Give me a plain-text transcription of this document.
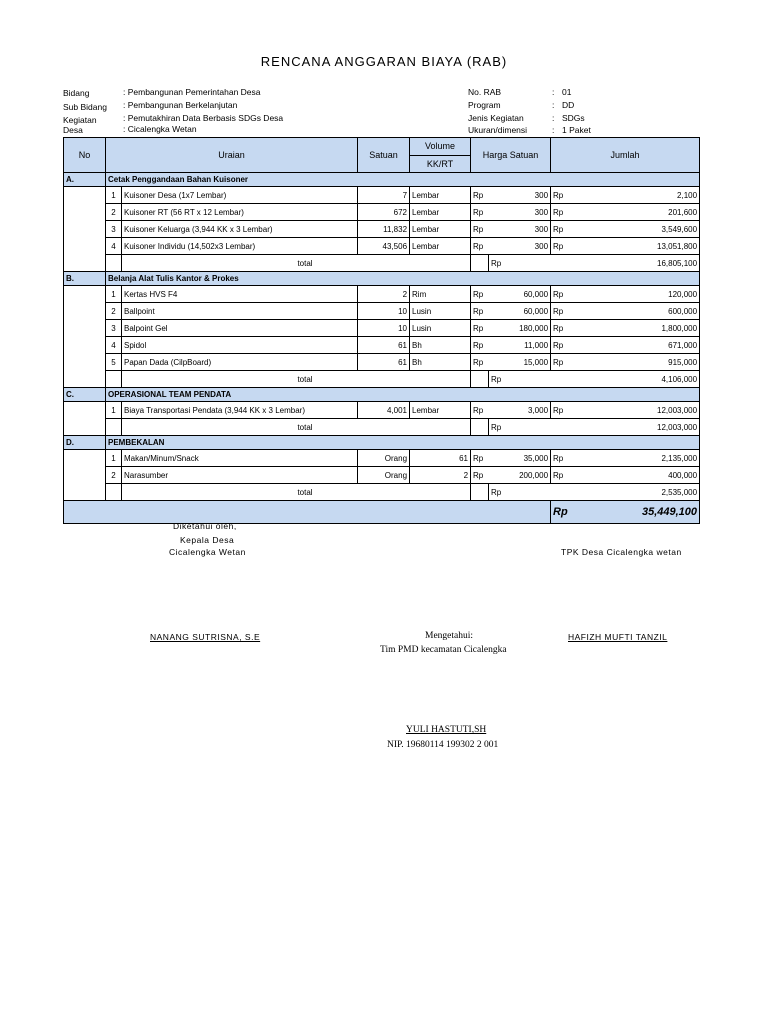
RENCANA ANGGARAN BIAYA (RAB)
Bidang	: Pembangunan Pemerintahan Desa
Sub Bidang : Pembangunan Berkelanjutan
Kegiatan	: Pemutakhiran Data Berbasis SDGs Desa
Desa	: Cicalengka Wetan
No. RAB	: 01
Program	: DD
Jenis Kegiatan	: SDGs
Ukuran/dimensi	: 1 Paket
No	Uraian		Satuan	Volume	Harga Satuan		Jumlah	
				KK/RT				
A.	Cetak Penggandaan Bahan Kuisoner							
	1	Kuisoner Desa (1x7 Lembar)	7	Lembar	Rp	300	Rp	2,100
	2	Kuisoner RT (56 RT x 12 Lembar)	672	Lembar	Rp	300	Rp	201,600
	3	Kuisoner Keluarga (3,944 KK x 3 Lembar)	11,832	Lembar	Rp	300	Rp	3,549,600
	4	Kuisoner Individu (14,502x3 Lembar)	43,506	Lembar	Rp	300	Rp	13,051,800
		total				Rp		16,805,100
B.	Belanja Alat Tulis Kantor & Prokes							
	1	Kertas HVS F4	2	Rim	Rp	60,000	Rp	120,000
	2	Ballpoint	10	Lusin	Rp	60,000	Rp	600,000
	3	Balpoint Gel	10	Lusin	Rp	180,000	Rp	1,800,000
	4	Spidol	61	Bh	Rp	11,000	Rp	671,000
	5	Papan Dada (CilpBoard)	61	Bh	Rp	15,000	Rp	915,000
		total				Rp		4,106,000
C.	OPERASIONAL TEAM PENDATA							
	1	Biaya Transportasi Pendata (3,944 KK x 3 Lembar)	4,001	Lembar	Rp	3,000	Rp	12,003,000
		total				Rp		12,003,000
D.	PEMBEKALAN							
	1	Makan/Minum/Snack	Orang	61	Rp	35,000	Rp	2,135,000
	2	Narasumber	Orang	2	Rp	200,000	Rp	400,000
		total				Rp		2,535,000
							Rp	35,449,100
Diketahui oleh,
Kepala Desa
Cicalengka Wetan	TPK Desa Cicalengka wetan
NANANG SUTRISNA, S.E	Mengetahui:	HAFIZH MUFTI TANZIL
Tim PMD kecamatan Cicalengka
YULI HASTUTI,SH
NIP. 19680114 199302 2 001
